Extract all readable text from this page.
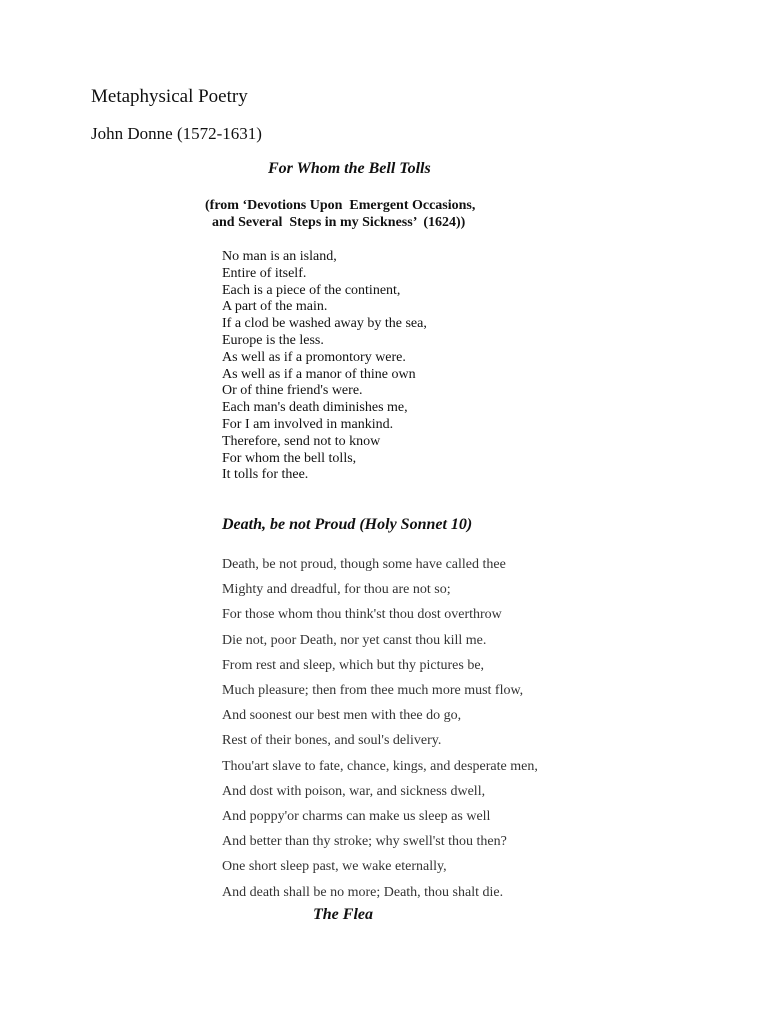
Metaphysical Poetry
John Donne (1572-1631)
For Whom the Bell Tolls
(from ‘Devotions Upon  Emergent Occasions,
and Several  Steps in my Sickness’  (1624))
No man is an island,
Entire of itself.
Each is a piece of the continent,
A part of the main.
If a clod be washed away by the sea,
Europe is the less.
As well as if a promontory were.
As well as if a manor of thine own
Or of thine friend's were.
Each man's death diminishes me,
For I am involved in mankind.
Therefore, send not to know
For whom the bell tolls,
It tolls for thee.
Death, be not Proud (Holy Sonnet 10)
Death, be not proud, though some have called thee
Mighty and dreadful, for thou are not so;
For those whom thou think'st thou dost overthrow
Die not, poor Death, nor yet canst thou kill me.
From rest and sleep, which but thy pictures be,
Much pleasure; then from thee much more must flow,
And soonest our best men with thee do go,
Rest of their bones, and soul's delivery.
Thou'art slave to fate, chance, kings, and desperate men,
And dost with poison, war, and sickness dwell,
And poppy'or charms can make us sleep as well
And better than thy stroke; why swell'st thou then?
One short sleep past, we wake eternally,
And death shall be no more; Death, thou shalt die.
The Flea
